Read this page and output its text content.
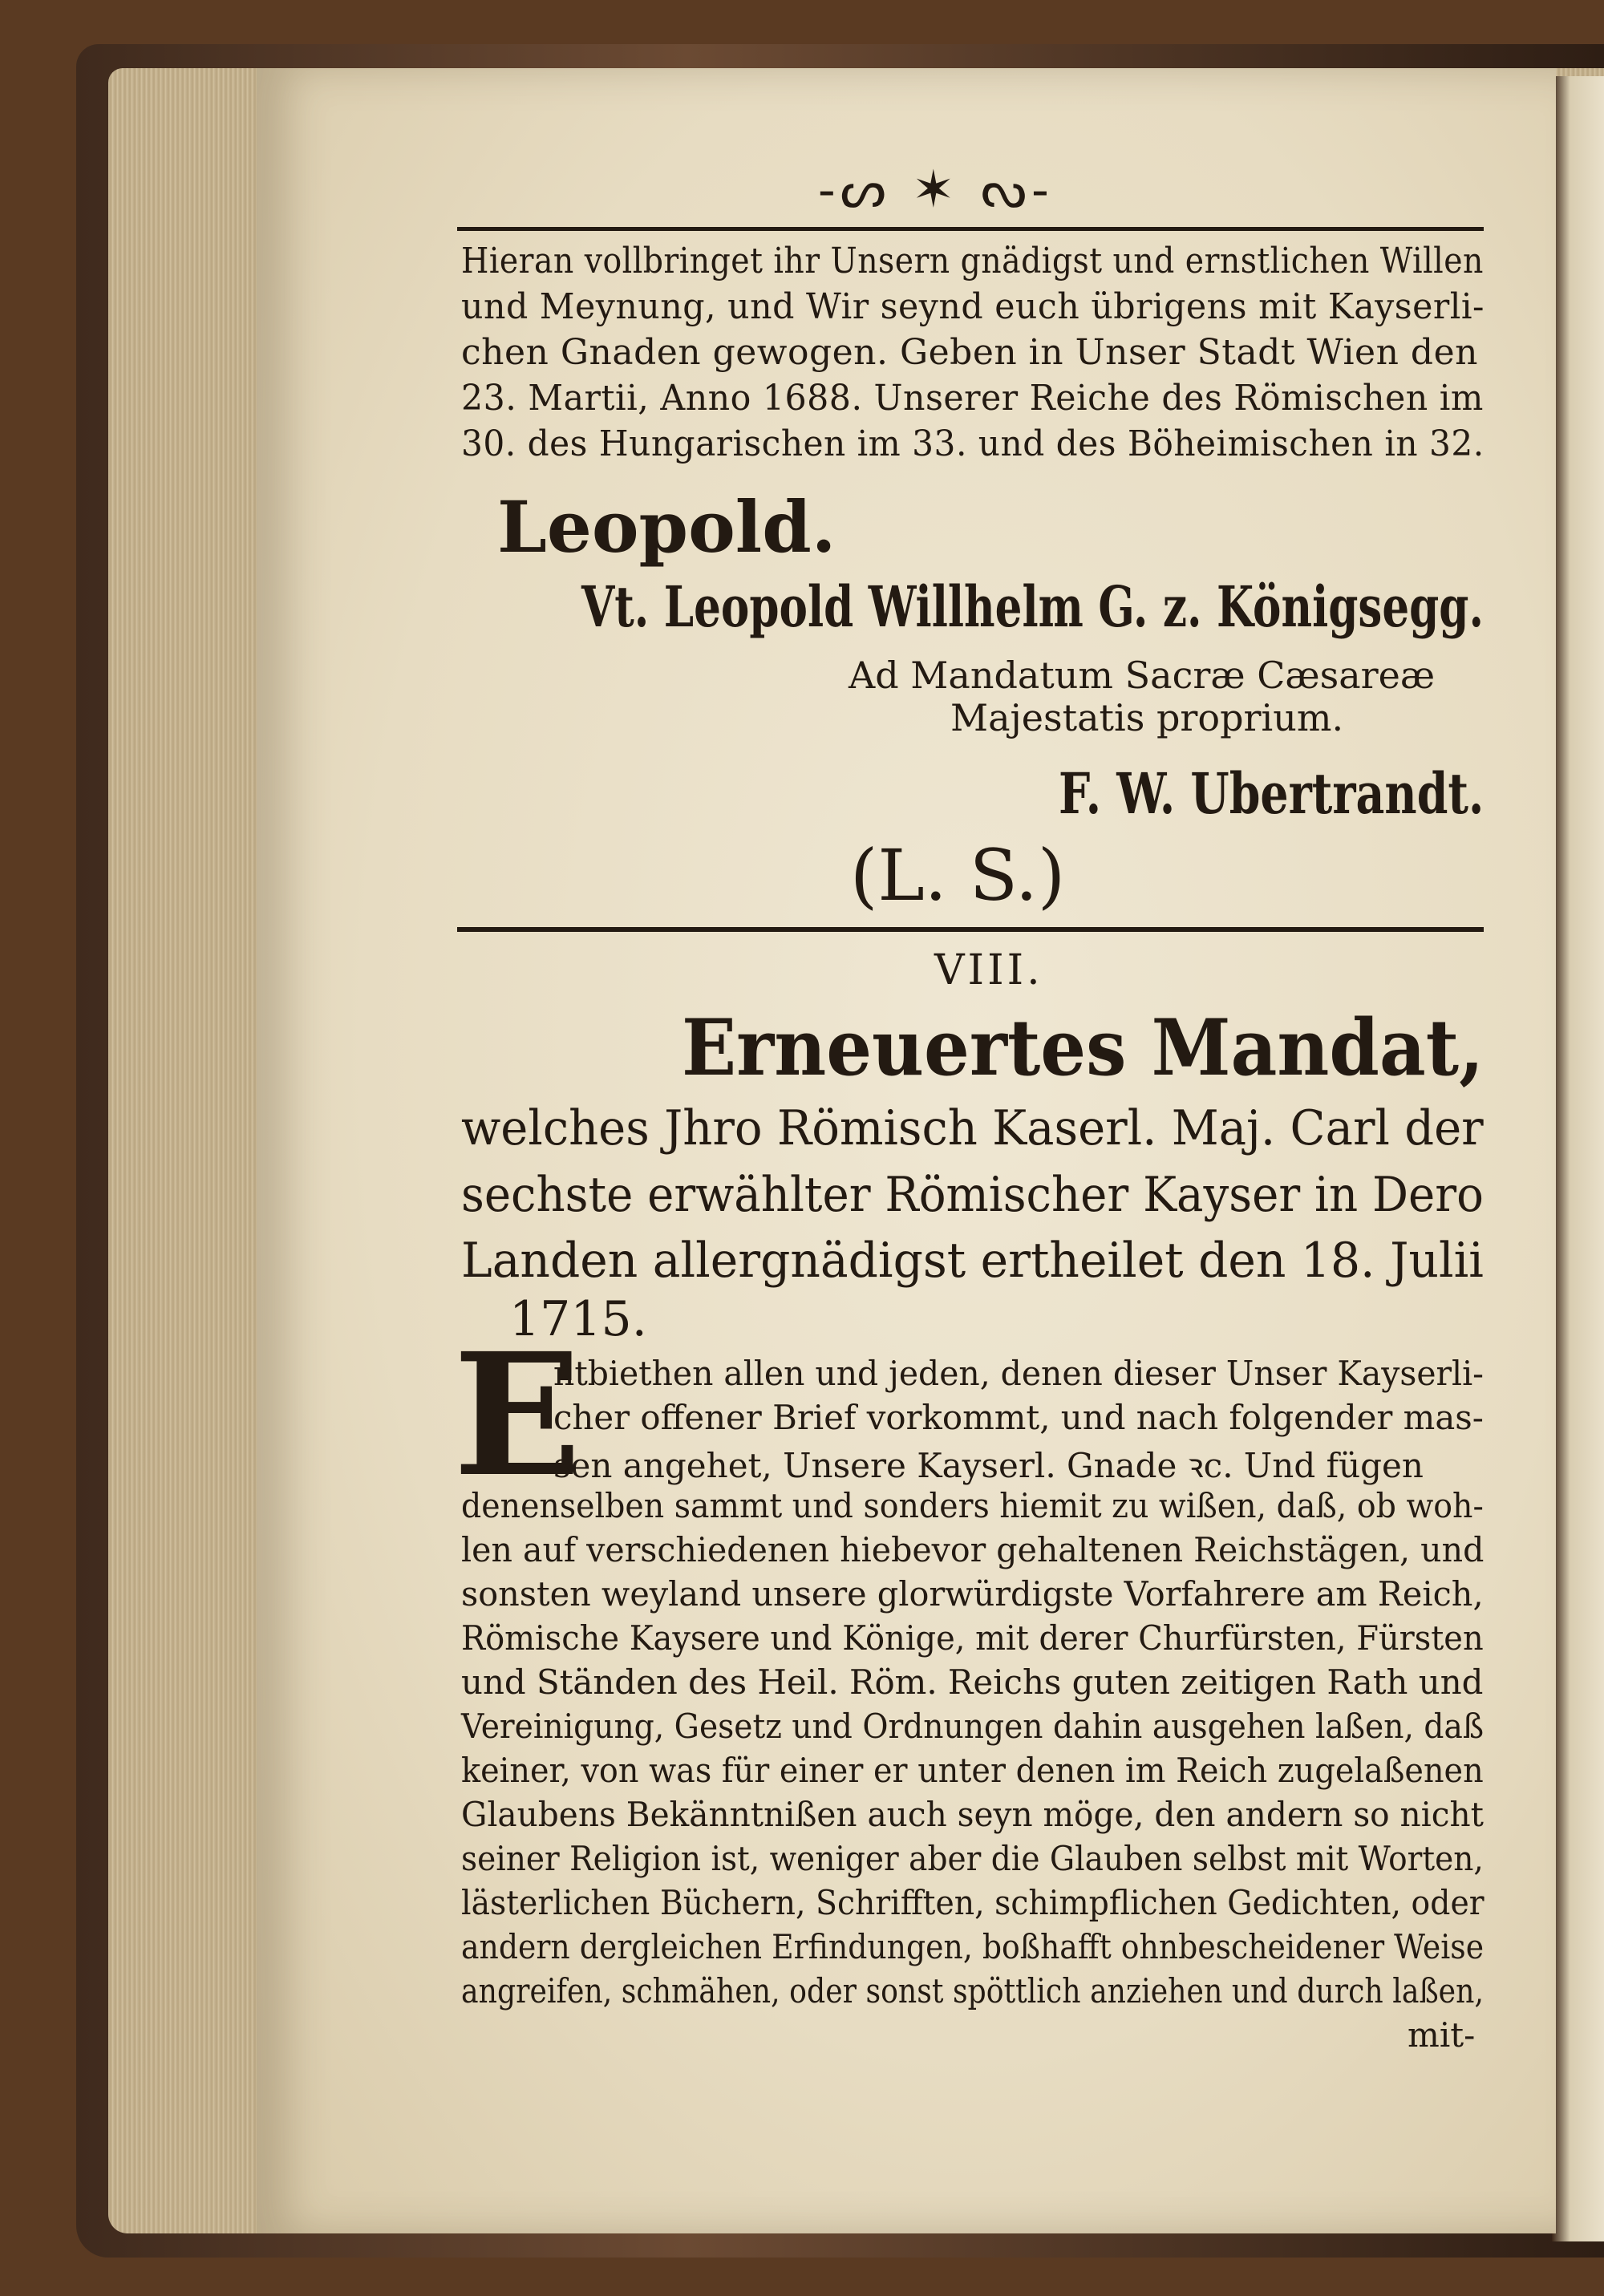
-ᔕ ✶ ᔓ-
Hieran vollbringet ihr Unsern gnädigst und ernstlichen Willen
und Meynung, und Wir seynd euch übrigens mit Kayserli-
chen Gnaden gewogen. Geben in Unser Stadt Wien den
23. Martii, Anno 1688. Unserer Reiche des Römischen im
30. des Hungarischen im 33. und des Böheimischen in 32.
Leopold.
Vt. Leopold Willhelm G. z. Königsegg.
Ad Mandatum Sacræ Cæsareæ
Majestatis proprium.
F. W. Ubertrandt.
(L. S.)
VIII.
Erneuertes Mandat,
welches Jhro Römisch Kaserl. Maj. Carl der
sechste erwählter Römischer Kayser in Dero
Landen allergnädigst ertheilet den 18. Julii
1715.
E
ntbiethen allen und jeden, denen dieser Unser Kayserli-
cher offener Brief vorkommt, und nach folgender mas-
sen angehet, Unsere Kayserl. Gnade ꝛc. Und fügen
denenselben sammt und sonders hiemit zu wißen, daß, ob woh-
len auf verschiedenen hiebevor gehaltenen Reichstägen, und
sonsten weyland unsere glorwürdigste Vorfahrere am Reich,
Römische Kaysere und Könige, mit derer Churfürsten, Fürsten
und Ständen des Heil. Röm. Reichs guten zeitigen Rath und
Vereinigung, Gesetz und Ordnungen dahin ausgehen laßen, daß
keiner, von was für einer er unter denen im Reich zugelaßenen
Glaubens Bekänntnißen auch seyn möge, den andern so nicht
seiner Religion ist, weniger aber die Glauben selbst mit Worten,
lästerlichen Büchern, Schrifften, schimpflichen Gedichten, oder
andern dergleichen Erfindungen, boßhafft ohnbescheidener Weise
angreifen, schmähen, oder sonst spöttlich anziehen und durch laßen,
mit-
